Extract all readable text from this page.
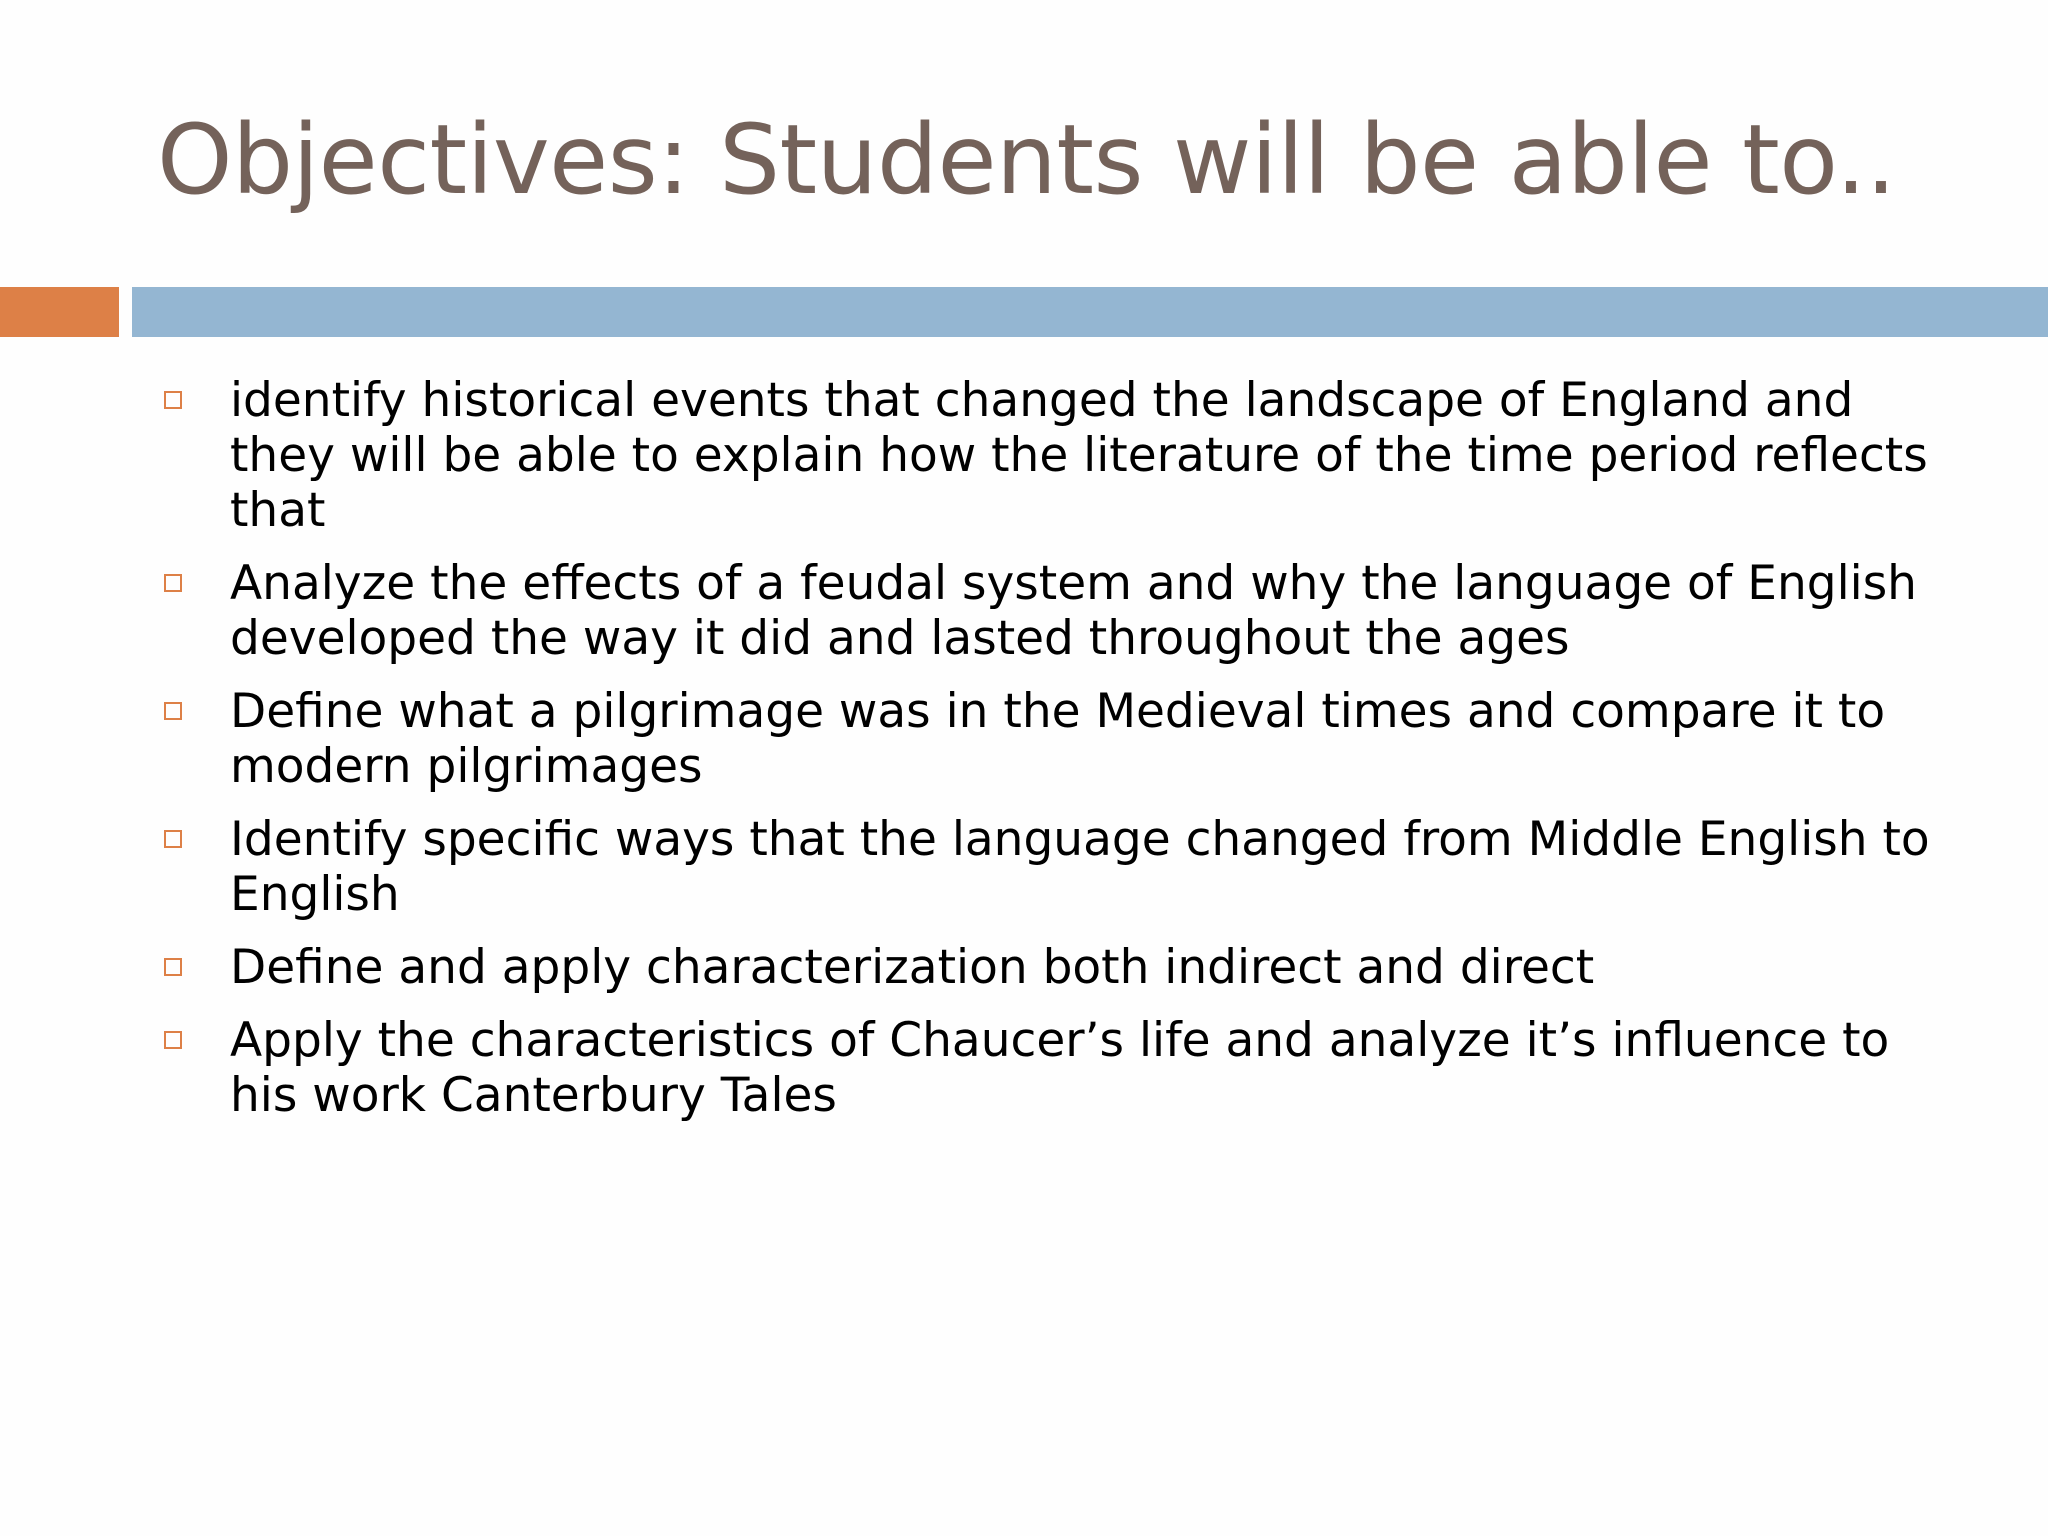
Objectives: Students will be able to..
identify historical events that changed the landscape of England and they will be able to explain how the literature of the time period reflects that
Analyze the effects of a feudal system and why the language of English developed the way it did and lasted throughout the ages
Define what a pilgrimage was in the Medieval times and compare it to modern pilgrimages
Identify specific ways that the language changed from Middle English to English
Define and apply characterization both indirect and direct
Apply the characteristics of Chaucer’s life and analyze it’s influence to his work Canterbury Tales
